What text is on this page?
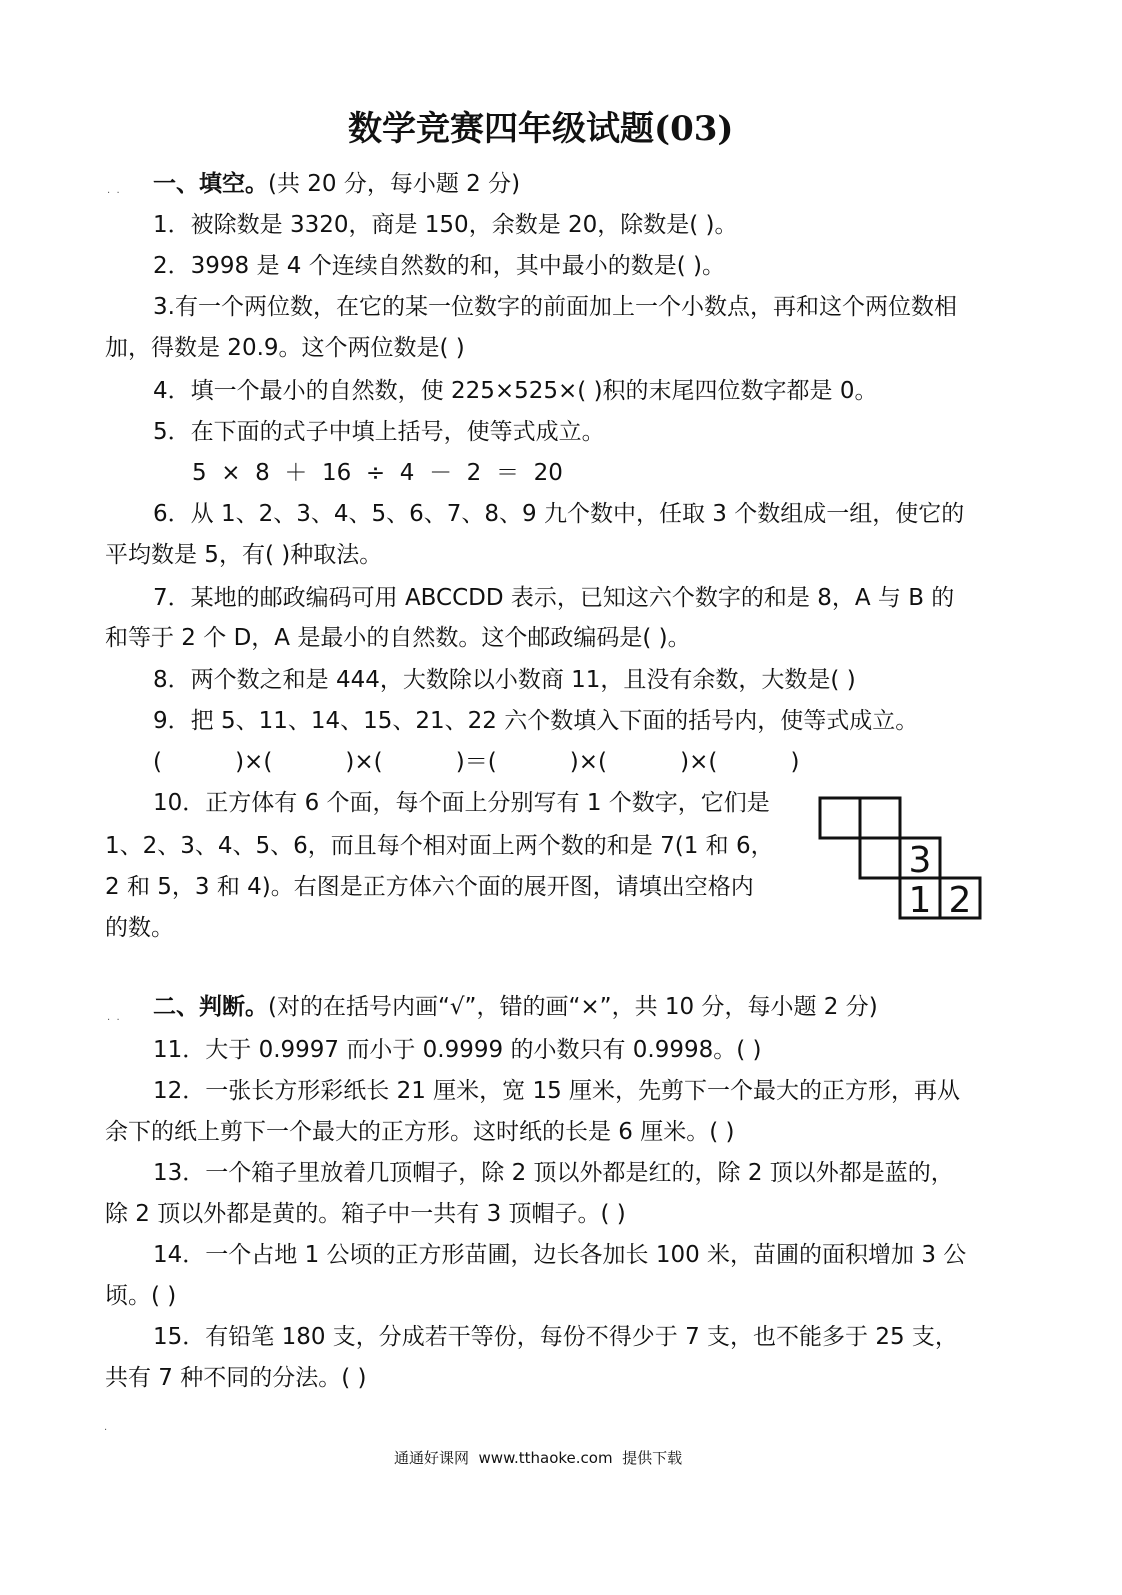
数学竞赛四年级试题(03)
.  .
.  .
.
一、填空。(共 20 分，每小题 2 分)
1．被除数是 3320，商是 150，余数是 20，除数是( )。
2．3998 是 4 个连续自然数的和，其中最小的数是( )。
3.有一个两位数，在它的某一位数字的前面加上一个小数点，再和这个两位数相
加，得数是 20.9。这个两位数是( )
4．填一个最小的自然数，使 225×525×( )积的末尾四位数字都是 0。
5．在下面的式子中填上括号，使等式成立。
5  ×  8  ＋  16  ÷  4  －  2  ＝  20
6．从 1、2、3、4、5、6、7、8、9 九个数中，任取 3 个数组成一组，使它的
平均数是 5，有( )种取法。
7．某地的邮政编码可用 ABCCDD 表示，已知这六个数字的和是 8，A 与 B 的
和等于 2 个 D，A 是最小的自然数。这个邮政编码是( )。
8．两个数之和是 444，大数除以小数商 11，且没有余数，大数是( )
9．把 5、11、14、15、21、22 六个数填入下面的括号内，使等式成立。
(          )×(          )×(          )＝(          )×(          )×(          )
10．正方体有 6 个面，每个面上分别写有 1 个数字，它们是
1、2、3、4、5、6，而且每个相对面上两个数的和是 7(1 和 6，
2 和 5，3 和 4)。右图是正方体六个面的展开图，请填出空格内
的数。
3
1 2
二、判断。(对的在括号内画“√”，错的画“×”，共 10 分，每小题 2 分)
11．大于 0.9997 而小于 0.9999 的小数只有 0.9998。( )
12．一张长方形彩纸长 21 厘米，宽 15 厘米，先剪下一个最大的正方形，再从
余下的纸上剪下一个最大的正方形。这时纸的长是 6 厘米。( )
13．一个箱子里放着几顶帽子，除 2 顶以外都是红的，除 2 顶以外都是蓝的，
除 2 顶以外都是黄的。箱子中一共有 3 顶帽子。( )
14．一个占地 1 公顷的正方形苗圃，边长各加长 100 米，苗圃的面积增加 3 公
顷。( )
15．有铅笔 180 支，分成若干等份，每份不得少于 7 支，也不能多于 25 支，
共有 7 种不同的分法。( )
通通好课网  www.tthaoke.com  提供下载
